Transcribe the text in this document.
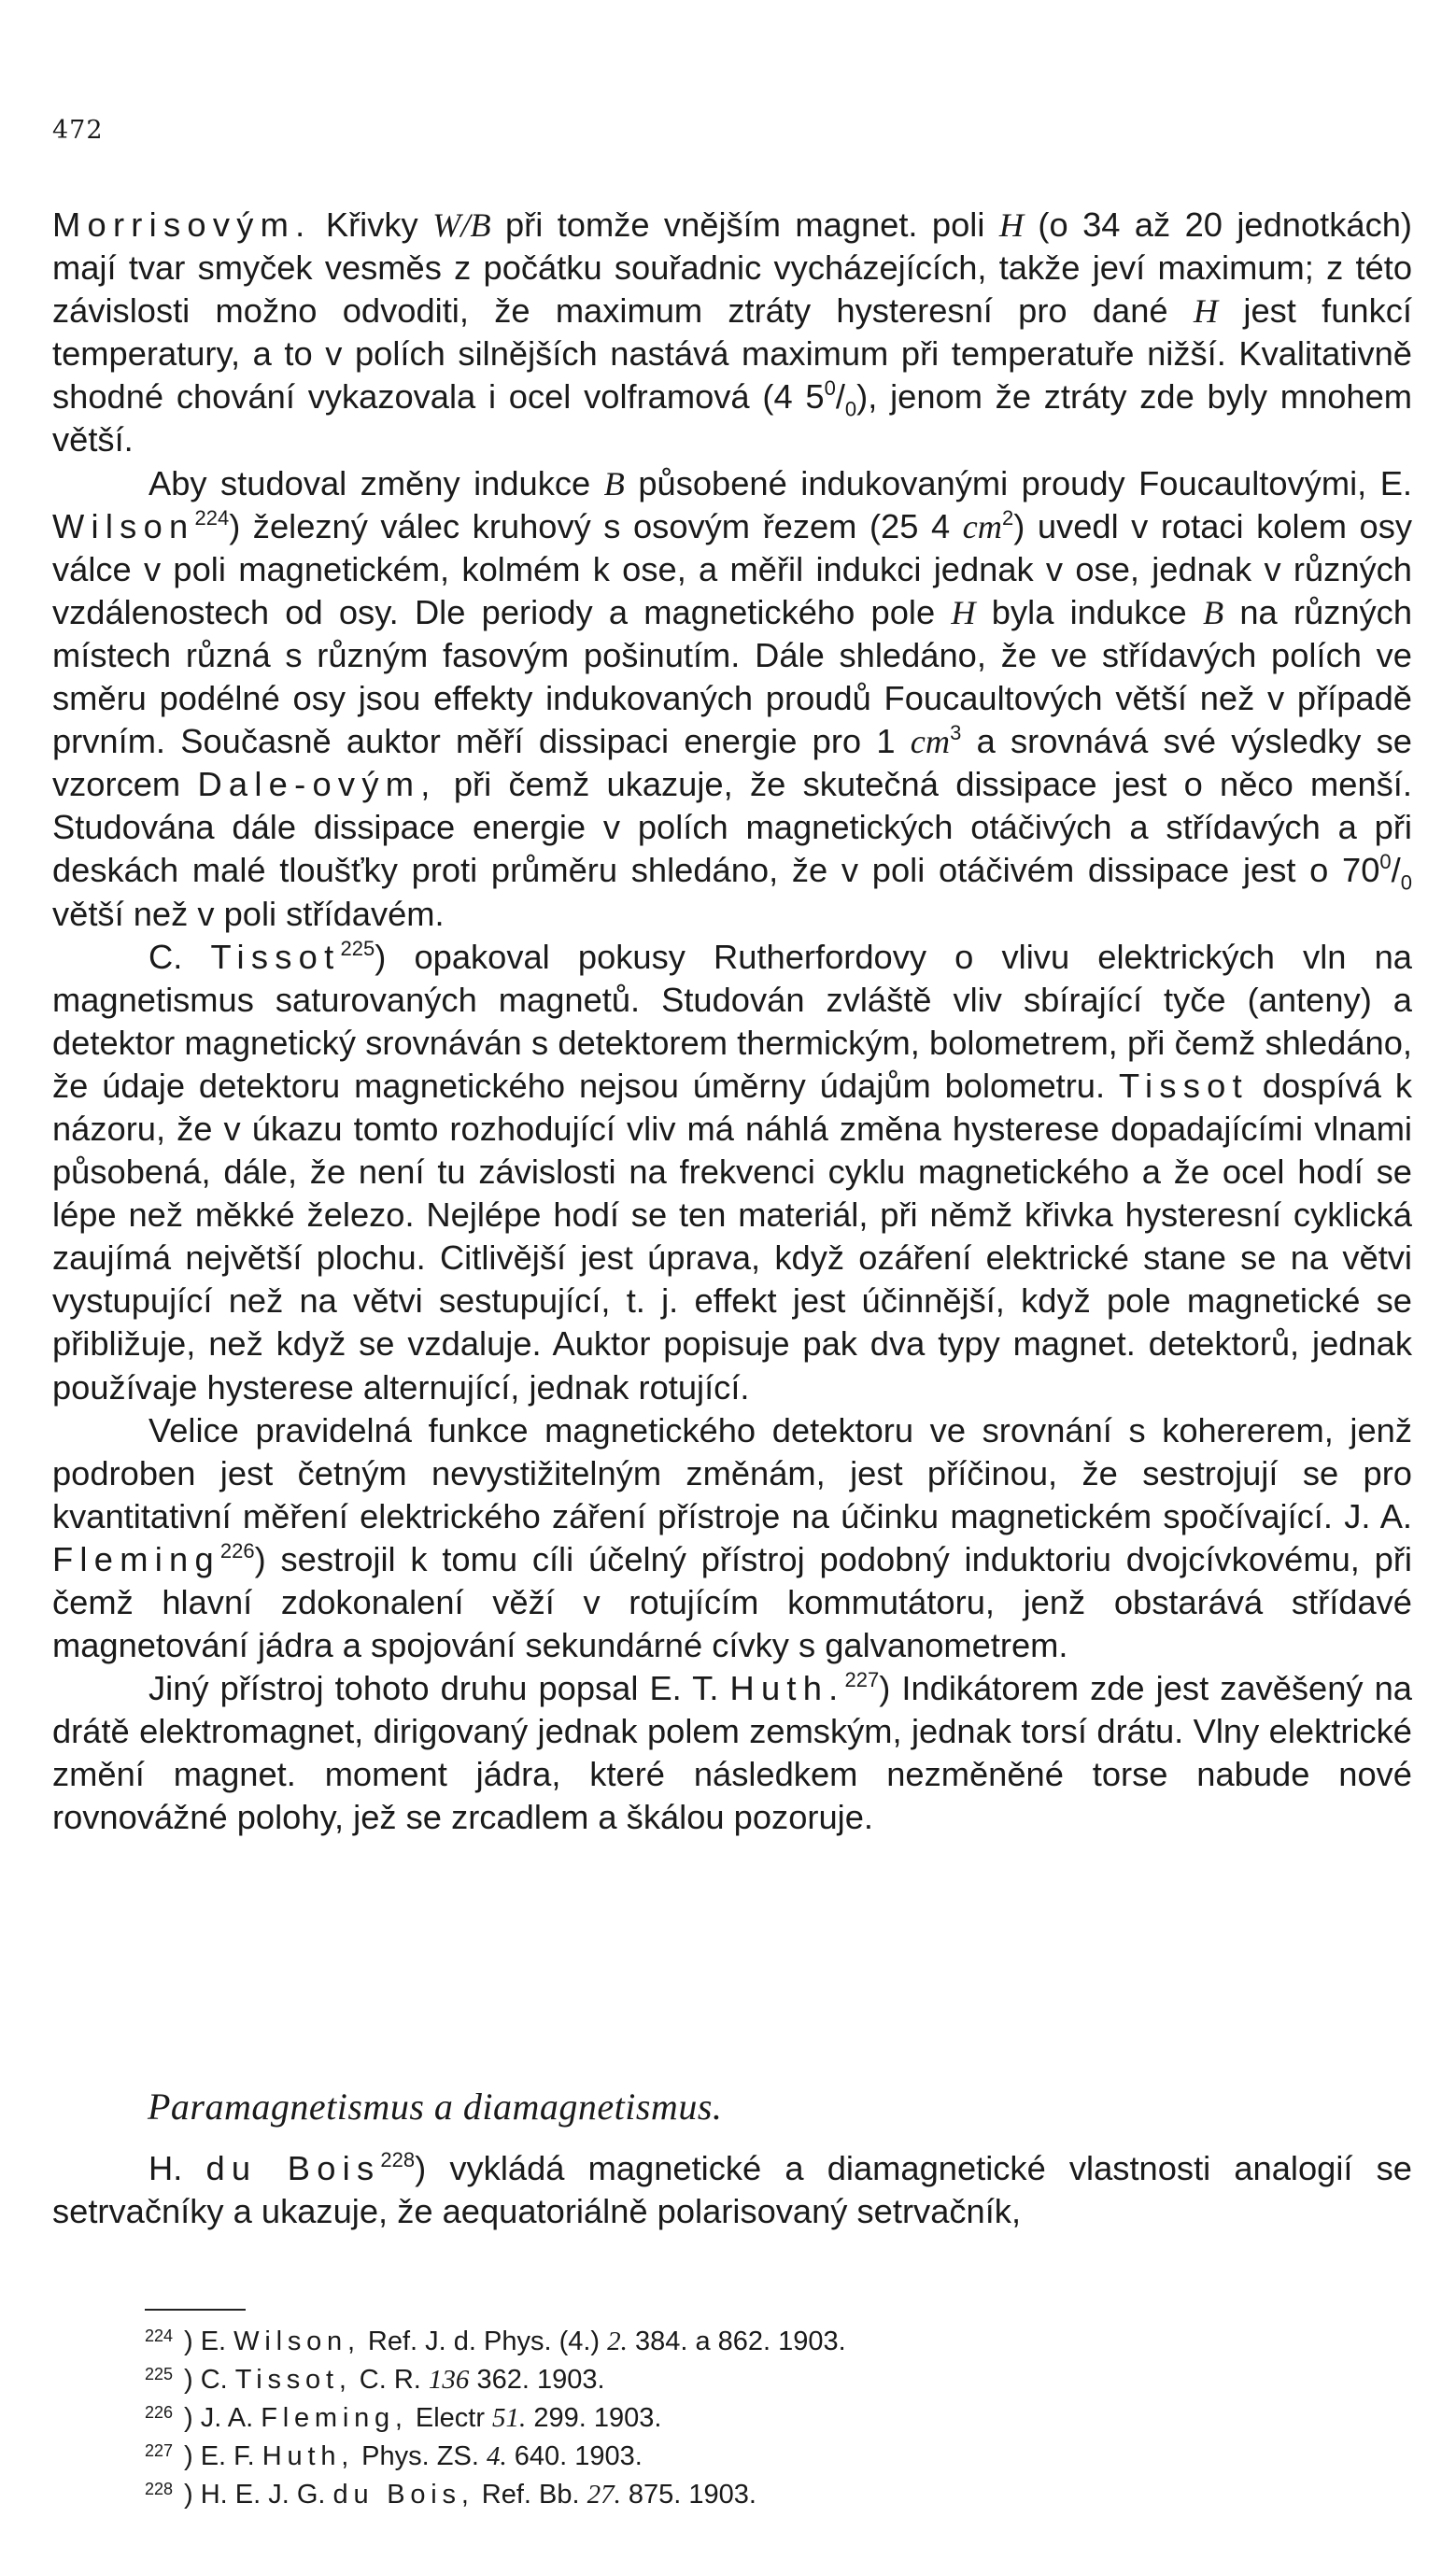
472

Morrisovým. Křivky W/B při tomže vnějším magnet. poli H (o 34 až 20 jednotkách) mají tvar smyček vesměs z počátku souřadnic vycházejících, takže jeví maximum; z této závislosti možno odvoditi, že maximum ztráty hysteresní pro dané H jest funkcí temperatury, a to v polích silnějších nastává maximum při temperatuře nižší. Kvalitativně shodné chování vykazovala i ocel volframová (4 $5^0/_0$), jenom že ztráty zde byly mnohem větší.

Aby studoval změny indukce B působené indukovanými proudy Foucaultovými, E. Wilson$^{224}$) železný válec kruhový s osovým řezem (25 4 $cm^2$) uvedl v rotaci kolem osy válce v poli magnetickém, kolmém k ose, a měřil indukci jednak v ose, jednak v různých vzdálenostech od osy. Dle periody a magnetického pole H byla indukce B na různých místech různá s různým fasovým pošinutím. Dále shledáno, že ve střídavých polích ve směru podélné osy jsou effekty indukovaných proudů Foucaultových větší než v případě prvním. Současně auktor měří dissipaci energie pro 1 $cm^3$ a srovnává své výsledky se vzorcem Dale-ovým, při čemž ukazuje, že skutečná dissipace jest o něco menší. Studována dále dissipace energie v polích magnetických otáčivých a střídavých a při deskách malé tloušťky proti průměru shledáno, že v poli otáčivém dissipace jest o $70^0/_0$ větší než v poli střídavém.

C. Tissot$^{225}$) opakoval pokusy Rutherfordovy o vlivu elektrických vln na magnetismus saturovaných magnetů. Studován zvláště vliv sbírající tyče (anteny) a detektor magnetický srovnáván s detektorem thermickým, bolometrem, při čemž shledáno, že údaje detektoru magnetického nejsou úměrny údajům bolometru. Tissot dospívá k názoru, že v úkazu tomto rozhodující vliv má náhlá změna hysterese dopadajícími vlnami působená, dále, že není tu závislosti na frekvenci cyklu magnetického a že ocel hodí se lépe než měkké železo. Nejlépe hodí se ten materiál, při němž křivka hysteresní cyklická zaujímá největší plochu. Citlivější jest úprava, když ozáření elektrické stane se na větvi vystupující než na větvi sestupující, t. j. effekt jest účinnější, když pole magnetické se přibližuje, než když se vzdaluje. Auktor popisuje pak dva typy magnet. detektorů, jednak používaje hysterese alternující, jednak rotující.

Velice pravidelná funkce magnetického detektoru ve srovnání s kohererem, jenž podroben jest četným nevystižitelným změnám, jest příčinou, že sestrojují se pro kvantitativní měření elektrického záření přístroje na účinku magnetickém spočívající. J. A. Fleming$^{226}$) sestrojil k tomu cíli účelný přístroj podobný induktoriu dvojcívkovému, při čemž hlavní zdokonalení věží v rotujícím kommutátoru, jenž obstarává střídavé magnetování jádra a spojování sekundárné cívky s galvanometrem.

Jiný přístroj tohoto druhu popsal E. T. Huth.$^{227}$) Indikátorem zde jest zavěšený na drátě elektromagnet, dirigovaný jednak polem zemským, jednak torsí drátu. Vlny elektrické změní magnet. moment jádra, které následkem nezměněné torse nabude nové rovnovážné polohy, jež se zrcadlem a škálou pozoruje.

Paramagnetismus a diamagnetismus.

H. du Bois$^{228}$) vykládá magnetické a diamagnetické vlastnosti analogií se setrvačníky a ukazuje, že aequatoriálně polarisovaný setrvačník,

224 ) E. Wilson, Ref. J. d. Phys. (4.) 2. 384. a 862. 1903.
225 ) C. Tissot, C. R. 136 362. 1903.
226 ) J. A. Fleming, Electr 51. 299. 1903.
227 ) E. F. Huth, Phys. ZS. 4. 640. 1903.
228 ) H. E. J. G. du Bois, Ref. Bb. 27. 875. 1903.
